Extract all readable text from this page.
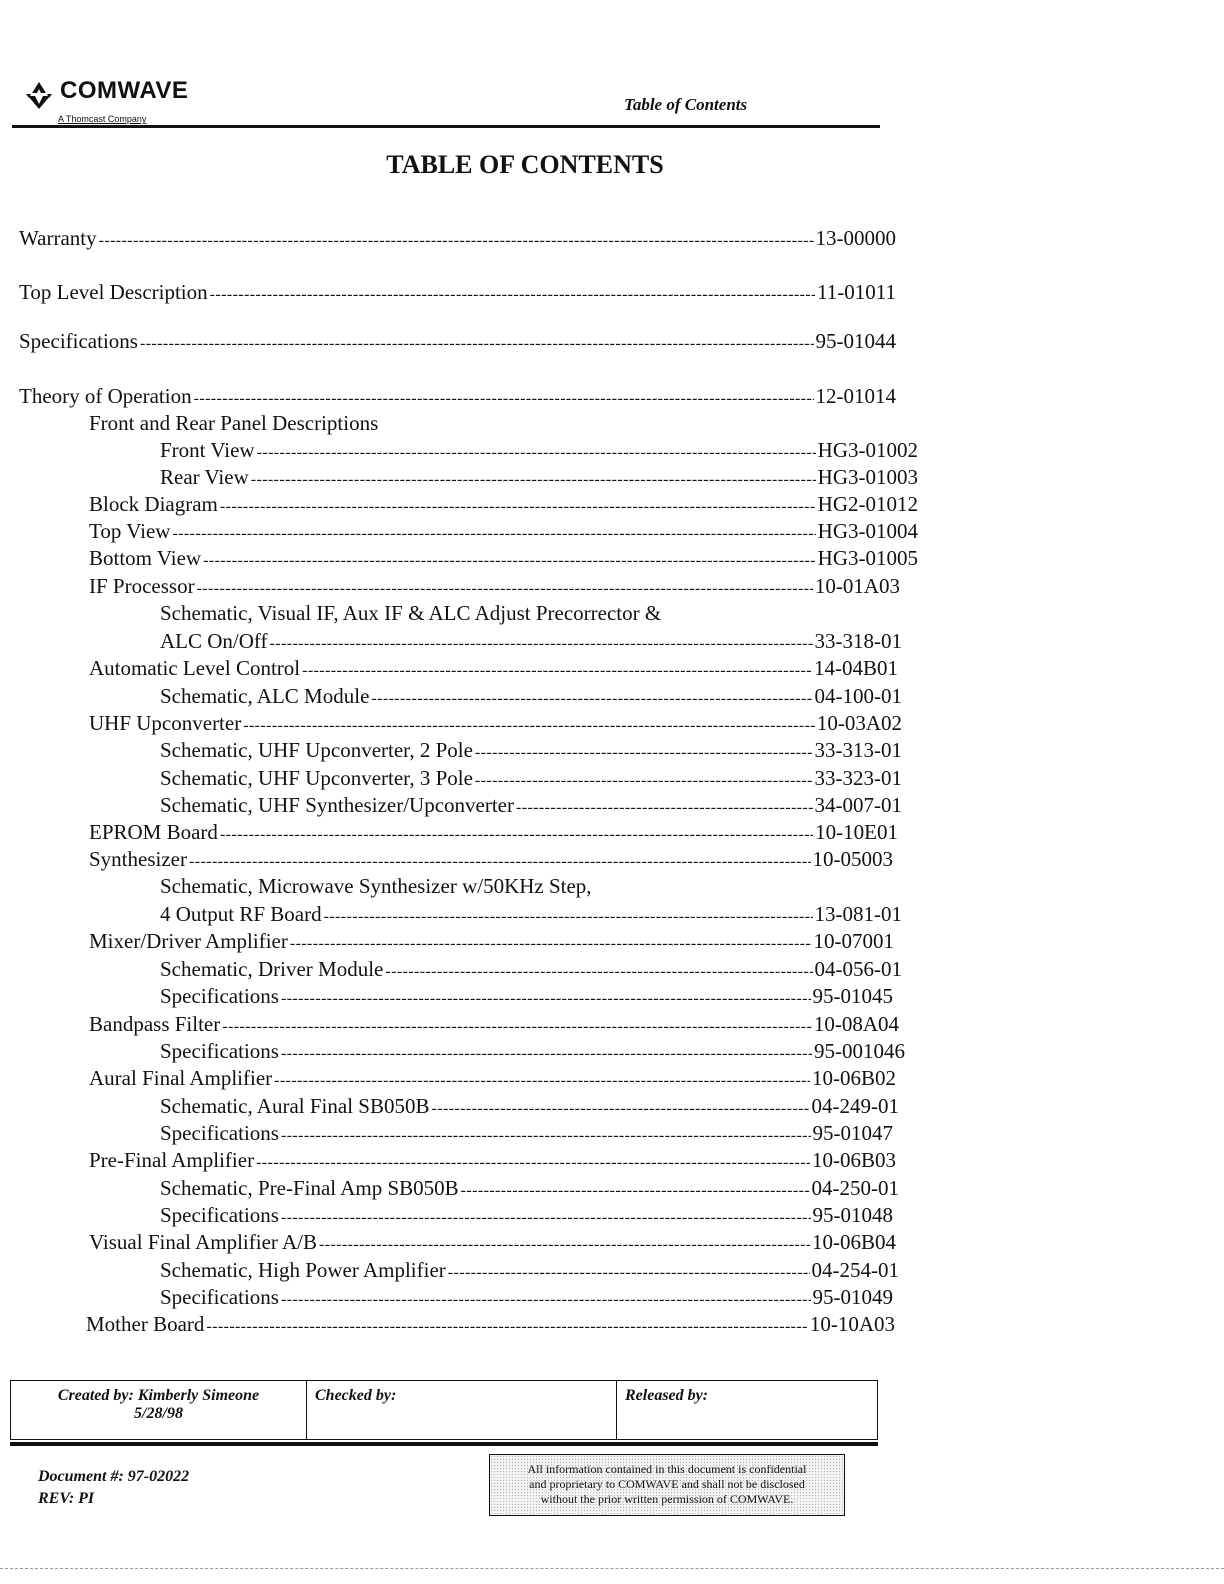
COMWAVE
A Thomcast Company
Table of Contents
TABLE OF CONTENTS
Warranty -----	13-00000
Top Level Description -----	11-01011
Specifications -----	95-01044
Theory of Operation -----	12-01014
Front and Rear Panel Descriptions
Front View -----	HG3-01002
Rear View -----	HG3-01003
Block Diagram -----	HG2-01012
Top View -----	HG3-01004
Bottom View -----	HG3-01005
IF Processor -----	10-01A03
Schematic, Visual IF, Aux IF & ALC Adjust Precorrector &
ALC On/Off -----	33-318-01
Automatic Level Control -----	14-04B01
Schematic, ALC Module -----	04-100-01
UHF Upconverter -----	10-03A02
Schematic, UHF Upconverter, 2 Pole -----	33-313-01
Schematic, UHF Upconverter, 3 Pole -----	33-323-01
Schematic, UHF Synthesizer/Upconverter -----	34-007-01
EPROM Board -----	10-10E01
Synthesizer -----	10-05003
Schematic, Microwave Synthesizer w/50KHz Step,
4 Output RF Board -----	13-081-01
Mixer/Driver Amplifier -----	10-07001
Schematic, Driver Module -----	04-056-01
Specifications -----	95-01045
Bandpass Filter -----	10-08A04
Specifications -----	95-001046
Aural Final Amplifier -----	10-06B02
Schematic, Aural Final SB050B -----	04-249-01
Specifications -----	95-01047
Pre-Final Amplifier -----	10-06B03
Schematic, Pre-Final Amp SB050B -----	04-250-01
Specifications -----	95-01048
Visual Final Amplifier A/B -----	10-06B04
Schematic, High Power Amplifier -----	04-254-01
Specifications -----	95-01049
Mother Board -----	10-10A03
Created by: Kimberly Simeone
5/28/98
Checked by:	Released by:
Document #: 97-02022
REV: PI
All information contained in this document is confidential
and proprietary to COMWAVE and shall not be disclosed
without the prior written permission of COMWAVE.
